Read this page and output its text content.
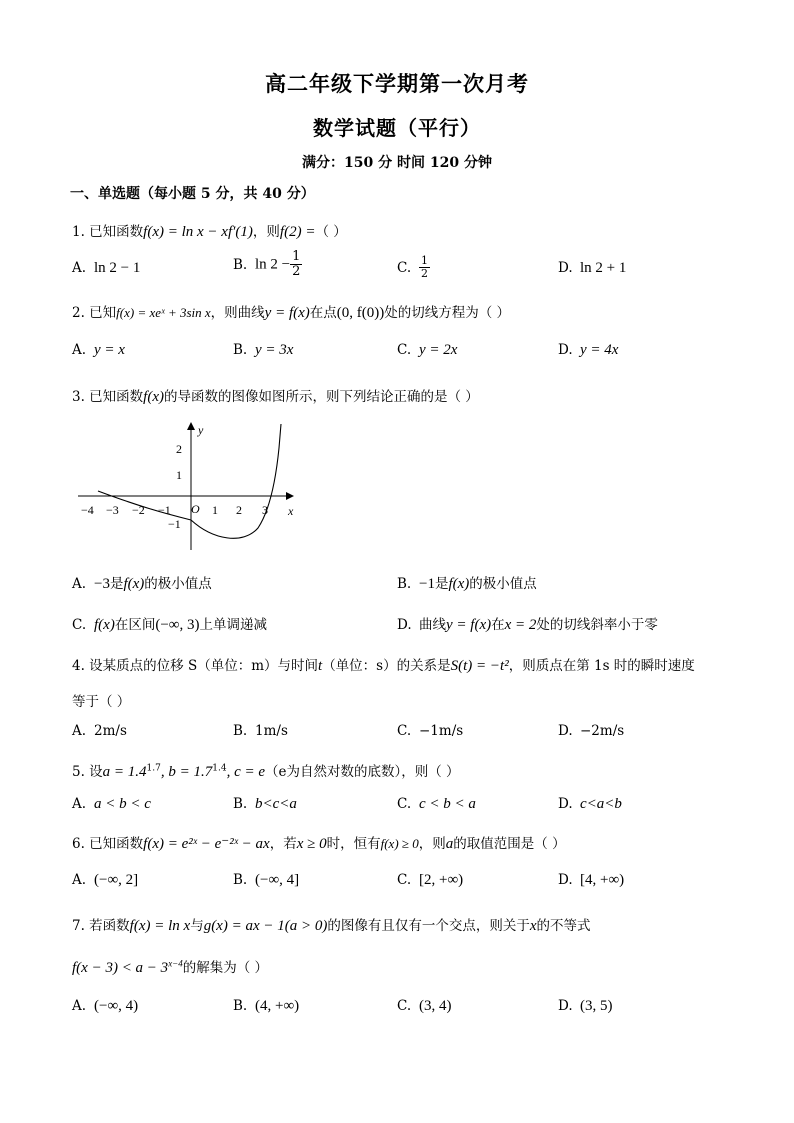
高二年级下学期第一次月考
数学试题（平行）
满分：150 分 时间 120 分钟
一、单选题（每小题 5 分，共 40 分）
1. 已知函数f(x) = ln x − xf′(1)，则f(2) =（ ）
A. ln 2 − 1	B. $\ln 2 - \frac{1}{2}$	C. $\frac{1}{2}$	D. ln 2 + 1
2. 已知f(x) = xeˣ + 3sin x，则曲线y = f(x)在点(0, f(0))处的切线方程为（ ）
A. y = x	B. y = 3x	C. y = 2x	D. y = 4x
3. 已知函数f(x)的导函数的图像如图所示，则下列结论正确的是（ ）
−4 −3 −2 −1	1 2 3
2
1
−1
O
y
x
A. −3是f(x)的极小值点	B. −1是f(x)的极小值点
C. f(x)在区间(−∞, 3)上单调递减	D. 曲线y = f(x)在x = 2处的切线斜率小于零
4. 设某质点的位移 S（单位：m）与时间t（单位：s）的关系是S(t) = −t²，则质点在第 1s 时的瞬时速度
等于（ ）
A. 2m/s	B. 1m/s	C. −1m/s	D. −2m/s
5. 设$a = 1.4^{1.7}$, $b = 1.7^{1.4}$, c = e（e为自然对数的底数），则（ ）
A. a < b < c	B. b<c<a	C. c < b < a	D. c<a<b
6. 已知函数f(x) = e²ˣ − e⁻²ˣ − ax，若x ≥ 0时，恒有f(x) ≥ 0，则a的取值范围是（ ）
A. (−∞, 2]	B. (−∞, 4]	C. [2, +∞)	D. [4, +∞)
7. 若函数f(x) = ln x与g(x) = ax − 1(a > 0)的图像有且仅有一个交点，则关于x的不等式
$f(x - 3) < a - 3^{x-4}$的解集为（ ）
A. (−∞, 4)	B. (4, +∞)	C. (3, 4)	D. (3, 5)
